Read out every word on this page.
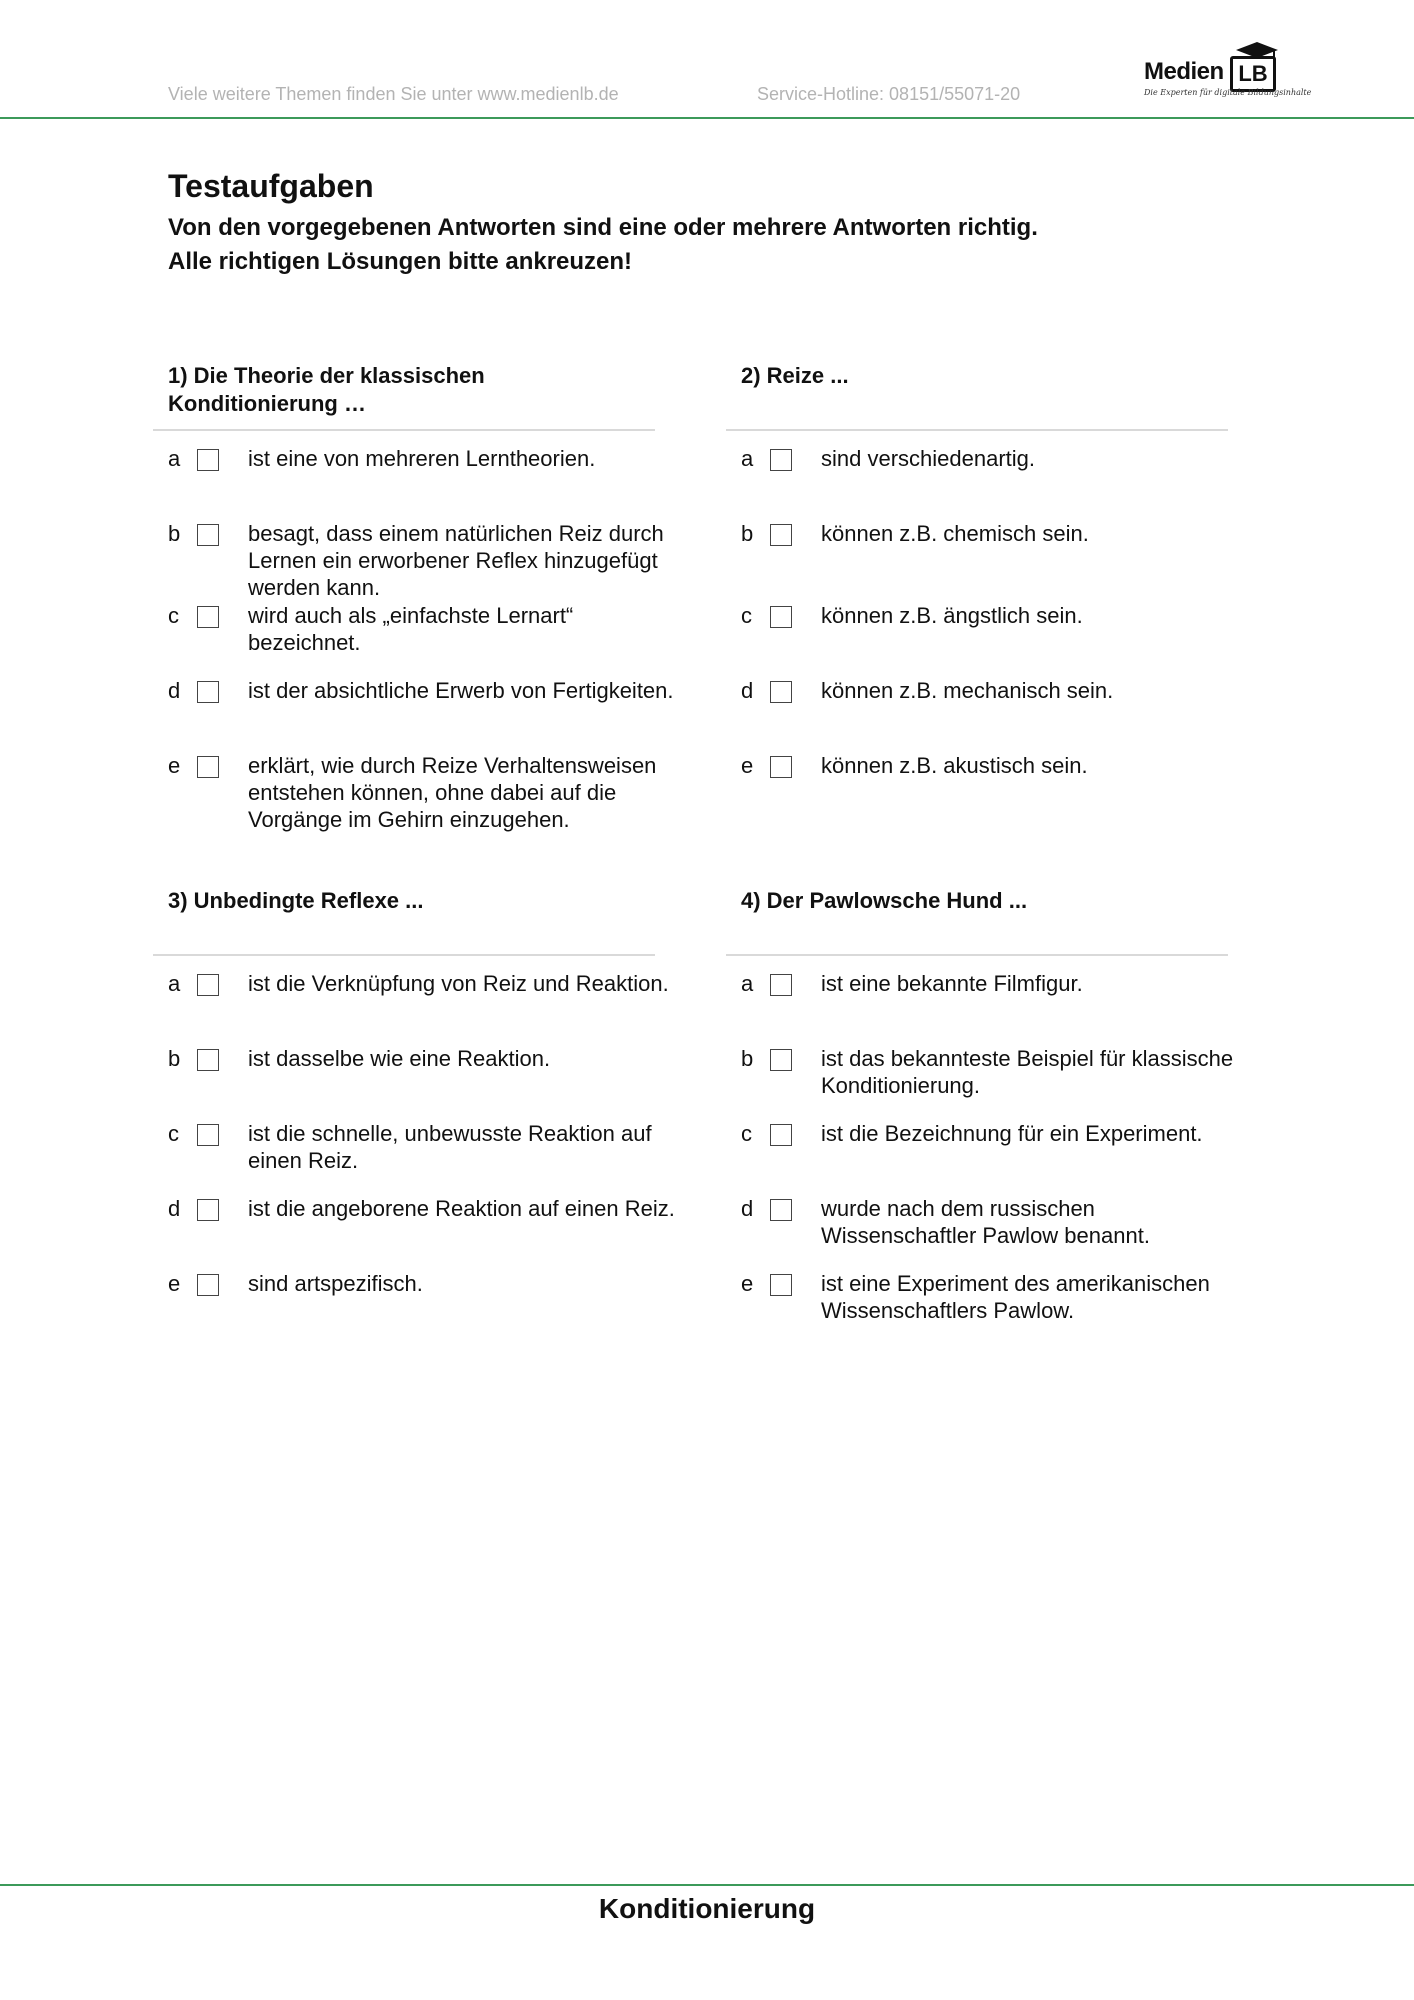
Viele weitere Themen finden Sie unter www.medienlb.de	Service-Hotline: 08151/55071-20
Medien LB
Die Experten für digitale Bildungsinhalte
Testaufgaben
Von den vorgegebenen Antworten sind eine oder mehrere Antworten richtig.
Alle richtigen Lösungen bitte ankreuzen!
1) Die Theorie der klassischen Konditionierung …
a	ist eine von mehreren Lerntheorien.
b	besagt, dass einem natürlichen Reiz durch Lernen ein erworbener Reflex hinzugefügt werden kann.
c	wird auch als „einfachste Lernart“ bezeichnet.
d	ist der absichtliche Erwerb von Fertigkeiten.
e	erklärt, wie durch Reize Verhaltensweisen entstehen können, ohne dabei auf die Vorgänge im Gehirn einzugehen.
2) Reize ...
a	sind verschiedenartig.
b	können z.B. chemisch sein.
c	können z.B. ängstlich sein.
d	können z.B. mechanisch sein.
e	können z.B. akustisch sein.
3) Unbedingte Reflexe ...
a	ist die Verknüpfung von Reiz und Reaktion.
b	ist dasselbe wie eine Reaktion.
c	ist die schnelle, unbewusste Reaktion auf einen Reiz.
d	ist die angeborene Reaktion auf einen Reiz.
e	sind artspezifisch.
4) Der Pawlowsche Hund ...
a	ist eine bekannte Filmfigur.
b	ist das bekannteste Beispiel für klassische Konditionierung.
c	ist die Bezeichnung für ein Experiment.
d	wurde nach dem russischen Wissenschaftler Pawlow benannt.
e	ist eine Experiment des amerikanischen Wissenschaftlers Pawlow.
Konditionierung
